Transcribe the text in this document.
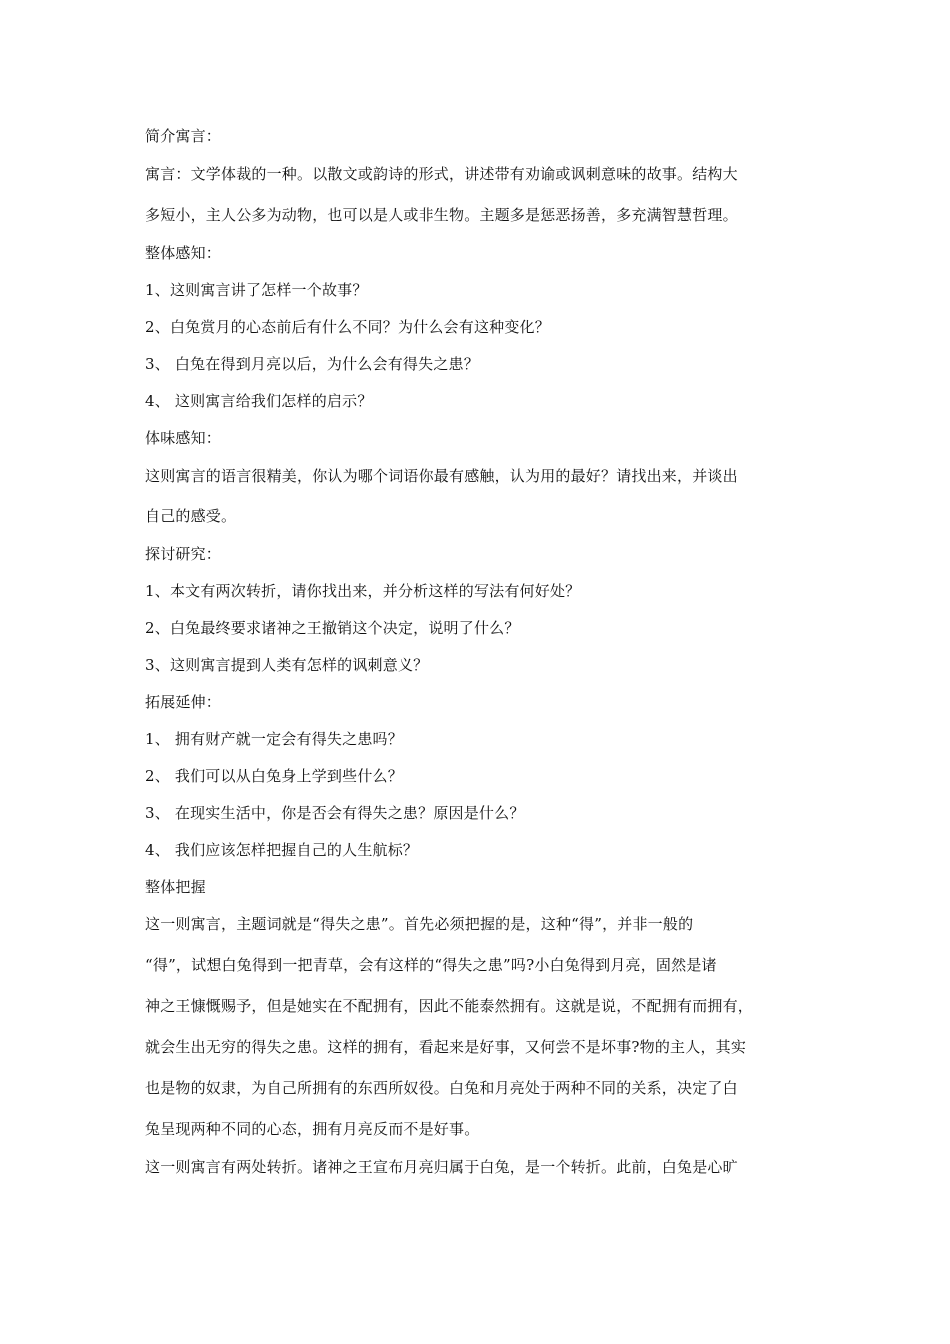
简介寓言：
寓言：文学体裁的一种。以散文或韵诗的形式，讲述带有劝谕或讽刺意味的故事。结构大
多短小，主人公多为动物，也可以是人或非生物。主题多是惩恶扬善，多充满智慧哲理。
整体感知：
1、这则寓言讲了怎样一个故事？
2、白兔赏月的心态前后有什么不同？为什么会有这种变化？
3、 白兔在得到月亮以后，为什么会有得失之患？
4、 这则寓言给我们怎样的启示？
体味感知：
这则寓言的语言很精美，你认为哪个词语你最有感触，认为用的最好？请找出来，并谈出
自己的感受。
探讨研究：
1、本文有两次转折，请你找出来，并分析这样的写法有何好处？
2、白兔最终要求诸神之王撤销这个决定，说明了什么？
3、这则寓言提到人类有怎样的讽刺意义？
拓展延伸：
1、 拥有财产就一定会有得失之患吗？
2、 我们可以从白兔身上学到些什么？
3、 在现实生活中，你是否会有得失之患？原因是什么？
4、 我们应该怎样把握自己的人生航标？
整体把握
这一则寓言，主题词就是“得失之患”。首先必须把握的是，这种“得”，并非一般的
“得”，试想白兔得到一把青草，会有这样的“得失之患”吗?小白兔得到月亮，固然是诸
神之王慷慨赐予，但是她实在不配拥有，因此不能泰然拥有。这就是说，不配拥有而拥有，
就会生出无穷的得失之患。这样的拥有，看起来是好事，又何尝不是坏事?物的主人，其实
也是物的奴隶，为自己所拥有的东西所奴役。白兔和月亮处于两种不同的关系，决定了白
兔呈现两种不同的心态，拥有月亮反而不是好事。
这一则寓言有两处转折。诸神之王宣布月亮归属于白兔，是一个转折。此前，白兔是心旷
